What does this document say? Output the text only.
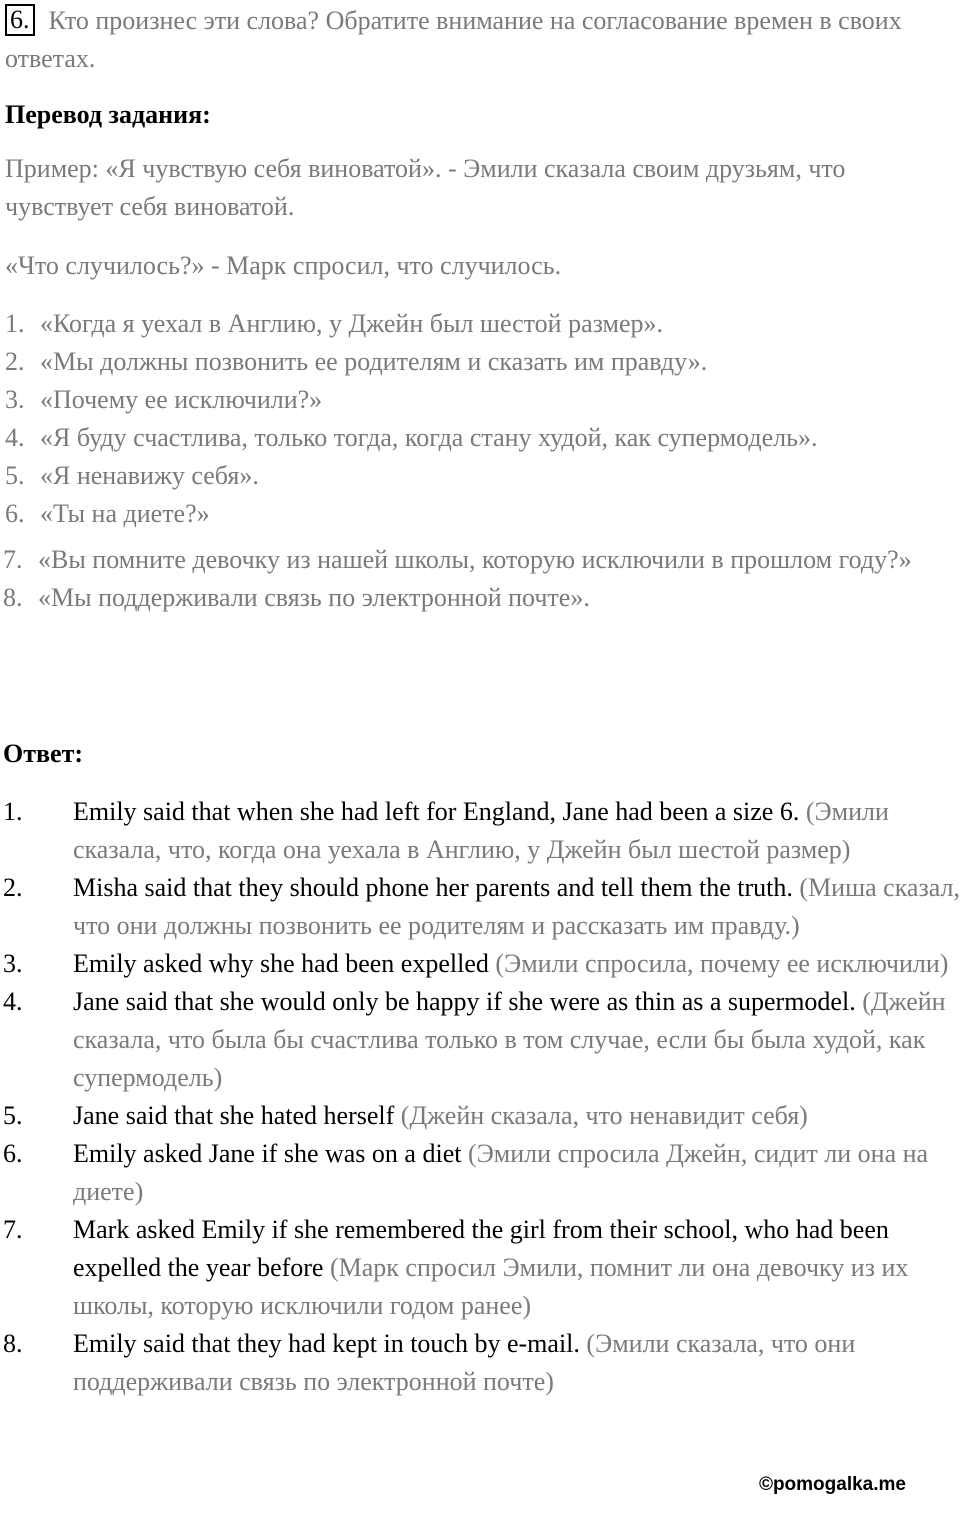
6. Кто произнес эти слова? Обратите внимание на согласование времен в своих ответах.
Перевод задания:
Пример: «Я чувствую себя виноватой». - Эмили сказала своим друзьям, что чувствует себя виноватой.
«Что случилось?» - Марк спросил, что случилось.
1. «Когда я уехал в Англию, у Джейн был шестой размер».
2. «Мы должны позвонить ее родителям и сказать им правду».
3. «Почему ее исключили?»
4. «Я буду счастлива, только тогда, когда стану худой, как супермодель».
5. «Я ненавижу себя».
6. «Ты на диете?»
7. «Вы помните девочку из нашей школы, которую исключили в прошлом году?»
8. «Мы поддерживали связь по электронной почте».
Ответ:
1. Emily said that when she had left for England, Jane had been a size 6. (Эмили сказала, что, когда она уехала в Англию, у Джейн был шестой размер)
2. Misha said that they should phone her parents and tell them the truth. (Миша сказал, что они должны позвонить ее родителям и рассказать им правду.)
3. Emily asked why she had been expelled (Эмили спросила, почему ее исключили)
4. Jane said that she would only be happy if she were as thin as a supermodel. (Джейн сказала, что была бы счастлива только в том случае, если бы была худой, как супермодель)
5. Jane said that she hated herself (Джейн сказала, что ненавидит себя)
6. Emily asked Jane if she was on a diet (Эмили спросила Джейн, сидит ли она на диете)
7. Mark asked Emily if she remembered the girl from their school, who had been expelled the year before (Марк спросил Эмили, помнит ли она девочку из их школы, которую исключили годом ранее)
8. Emily said that they had kept in touch by e-mail. (Эмили сказала, что они поддерживали связь по электронной почте)
©pomogalka.me
